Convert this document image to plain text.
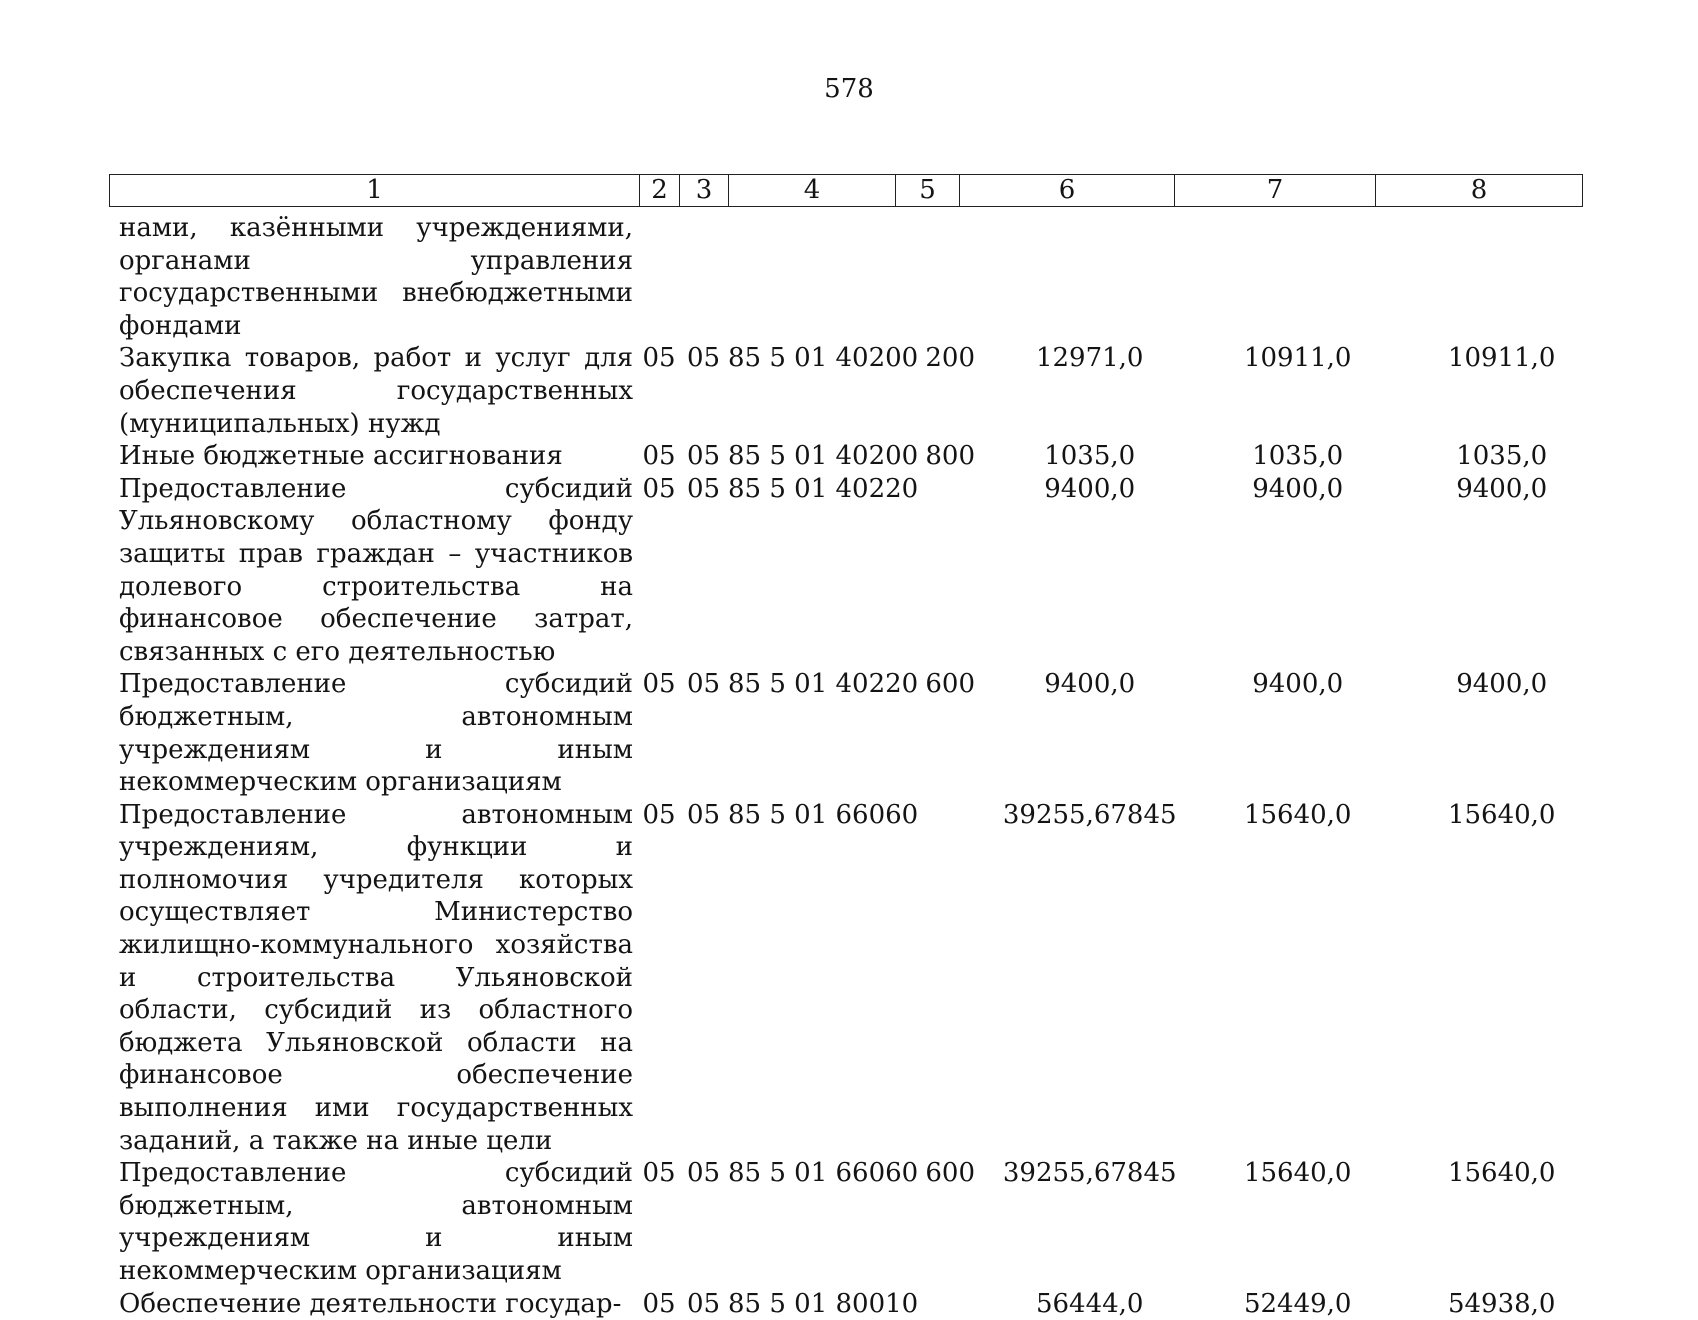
578
1	2	3	4	5	6	7	8
нами, казёнными учреждениями, органами управления государственными внебюджетными фондами							
Закупка товаров, работ и услуг для обеспечения государственных (муниципальных) нужд	05	05	85 5 01 40200	200	12971,0	10911,0	10911,0
Иные бюджетные ассигнования	05	05	85 5 01 40200	800	1035,0	1035,0	1035,0
Предоставление субсидий Ульяновскому областному фонду защиты прав граждан – участников долевого строительства на финансовое обеспечение затрат, связанных с его деятельностью	05	05	85 5 01 40220		9400,0	9400,0	9400,0
Предоставление субсидий бюджетным, автономным учреждениям и иным некоммерческим организациям	05	05	85 5 01 40220	600	9400,0	9400,0	9400,0
Предоставление автономным учреждениям, функции и полномочия учредителя которых осуществляет Министерство жилищно-коммунального хозяйства и строительства Ульяновской области, субсидий из областного бюджета Ульяновской области на финансовое обеспечение выполнения ими государственных заданий, а также на иные цели	05	05	85 5 01 66060		39255,67845	15640,0	15640,0
Предоставление субсидий бюджетным, автономным учреждениям и иным некоммерческим организациям	05	05	85 5 01 66060	600	39255,67845	15640,0	15640,0
Обеспечение деятельности государ-	05	05	85 5 01 80010		56444,0	52449,0	54938,0
